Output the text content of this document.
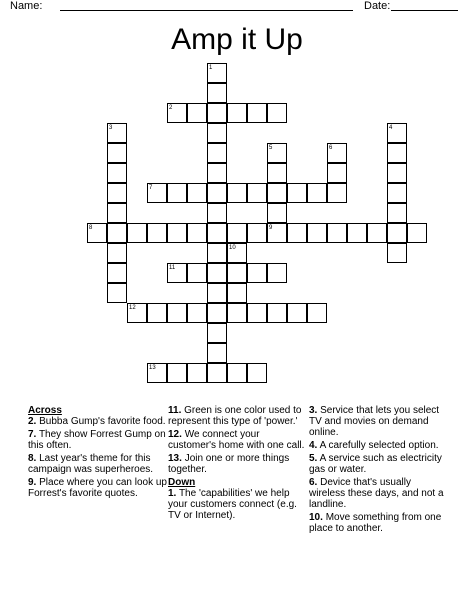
Name:	Date:
Amp it Up
1
2
3	4
5	6
7
8	9
10
11
12
13
Across
2. Bubba Gump's favorite food.
7. They show Forrest Gump on this often.
8. Last year's theme for this campaign was superheroes.
9. Place where you can look up Forrest's favorite quotes.
11. Green is one color used to represent this type of 'power.'
12. We connect your customer's home with one call.
13. Join one or more things together.
Down
1. The 'capabilities' we help your customers connect (e.g. TV or Internet).
3. Service that lets you select TV and movies on demand online.
4. A carefully selected option.
5. A service such as electricity gas or water.
6. Device that's usually wireless these days, and not a landline.
10. Move something from one place to another.
